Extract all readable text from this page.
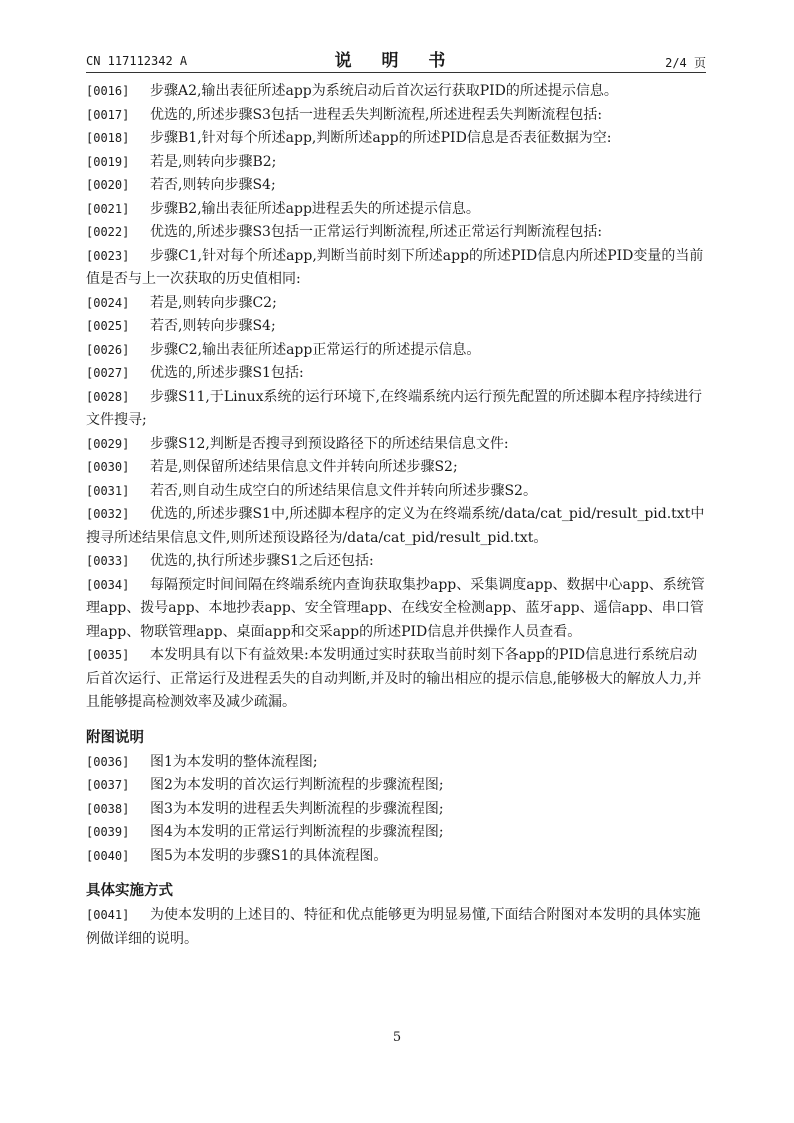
CN 117112342 A	说 明 书	2/4 页
[0016] 步骤A2,输出表征所述app为系统启动后首次运行获取PID的所述提示信息。
[0017] 优选的,所述步骤S3包括一进程丢失判断流程,所述进程丢失判断流程包括:
[0018] 步骤B1,针对每个所述app,判断所述app的所述PID信息是否表征数据为空:
[0019] 若是,则转向步骤B2;
[0020] 若否,则转向步骤S4;
[0021] 步骤B2,输出表征所述app进程丢失的所述提示信息。
[0022] 优选的,所述步骤S3包括一正常运行判断流程,所述正常运行判断流程包括:
[0023] 步骤C1,针对每个所述app,判断当前时刻下所述app的所述PID信息内所述PID变量的当前值是否与上一次获取的历史值相同:
[0024] 若是,则转向步骤C2;
[0025] 若否,则转向步骤S4;
[0026] 步骤C2,输出表征所述app正常运行的所述提示信息。
[0027] 优选的,所述步骤S1包括:
[0028] 步骤S11,于Linux系统的运行环境下,在终端系统内运行预先配置的所述脚本程序持续进行文件搜寻;
[0029] 步骤S12,判断是否搜寻到预设路径下的所述结果信息文件:
[0030] 若是,则保留所述结果信息文件并转向所述步骤S2;
[0031] 若否,则自动生成空白的所述结果信息文件并转向所述步骤S2。
[0032] 优选的,所述步骤S1中,所述脚本程序的定义为在终端系统/data/cat_pid/result_pid.txt中搜寻所述结果信息文件,则所述预设路径为/data/cat_pid/result_pid.txt。
[0033] 优选的,执行所述步骤S1之后还包括:
[0034] 每隔预定时间间隔在终端系统内查询获取集抄app、采集调度app、数据中心app、系统管理app、拨号app、本地抄表app、安全管理app、在线安全检测app、蓝牙app、遥信app、串口管理app、物联管理app、桌面app和交采app的所述PID信息并供操作人员查看。
[0035] 本发明具有以下有益效果:本发明通过实时获取当前时刻下各app的PID信息进行系统启动后首次运行、正常运行及进程丢失的自动判断,并及时的输出相应的提示信息,能够极大的解放人力,并且能够提高检测效率及减少疏漏。
附图说明
[0036] 图1为本发明的整体流程图;
[0037] 图2为本发明的首次运行判断流程的步骤流程图;
[0038] 图3为本发明的进程丢失判断流程的步骤流程图;
[0039] 图4为本发明的正常运行判断流程的步骤流程图;
[0040] 图5为本发明的步骤S1的具体流程图。
具体实施方式
[0041] 为使本发明的上述目的、特征和优点能够更为明显易懂,下面结合附图对本发明的具体实施例做详细的说明。
5
